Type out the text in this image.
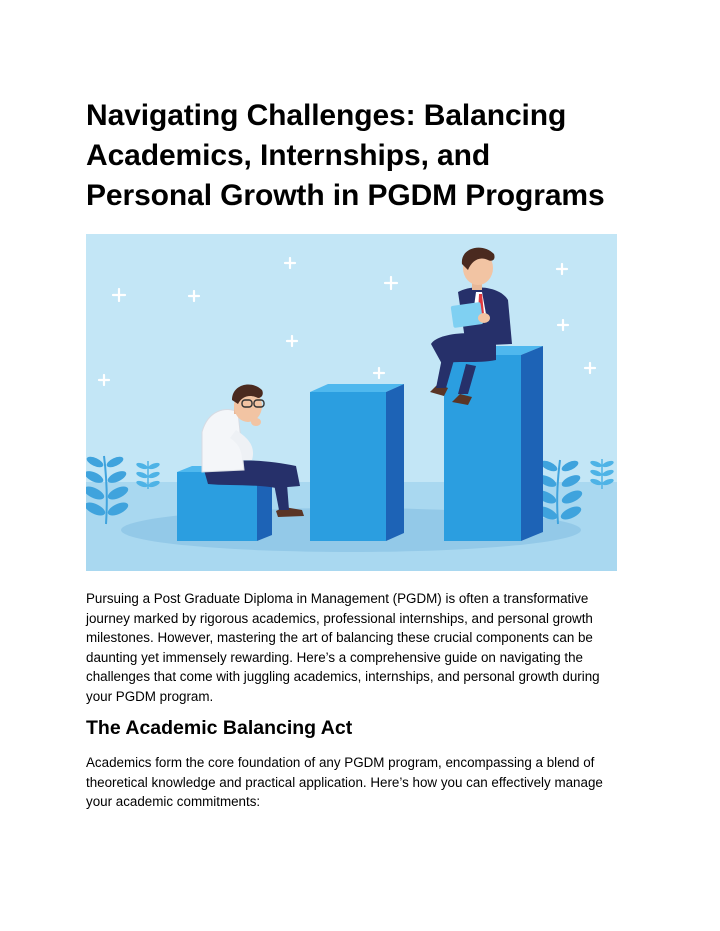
Navigating Challenges: Balancing
Academics, Internships, and
Personal Growth in PGDM Programs

Pursuing a Post Graduate Diploma in Management (PGDM) is often a transformative
journey marked by rigorous academics, professional internships, and personal growth
milestones. However, mastering the art of balancing these crucial components can be
daunting yet immensely rewarding. Here’s a comprehensive guide on navigating the
challenges that come with juggling academics, internships, and personal growth during
your PGDM program.

The Academic Balancing Act

Academics form the core foundation of any PGDM program, encompassing a blend of
theoretical knowledge and practical application. Here’s how you can effectively manage
your academic commitments:
